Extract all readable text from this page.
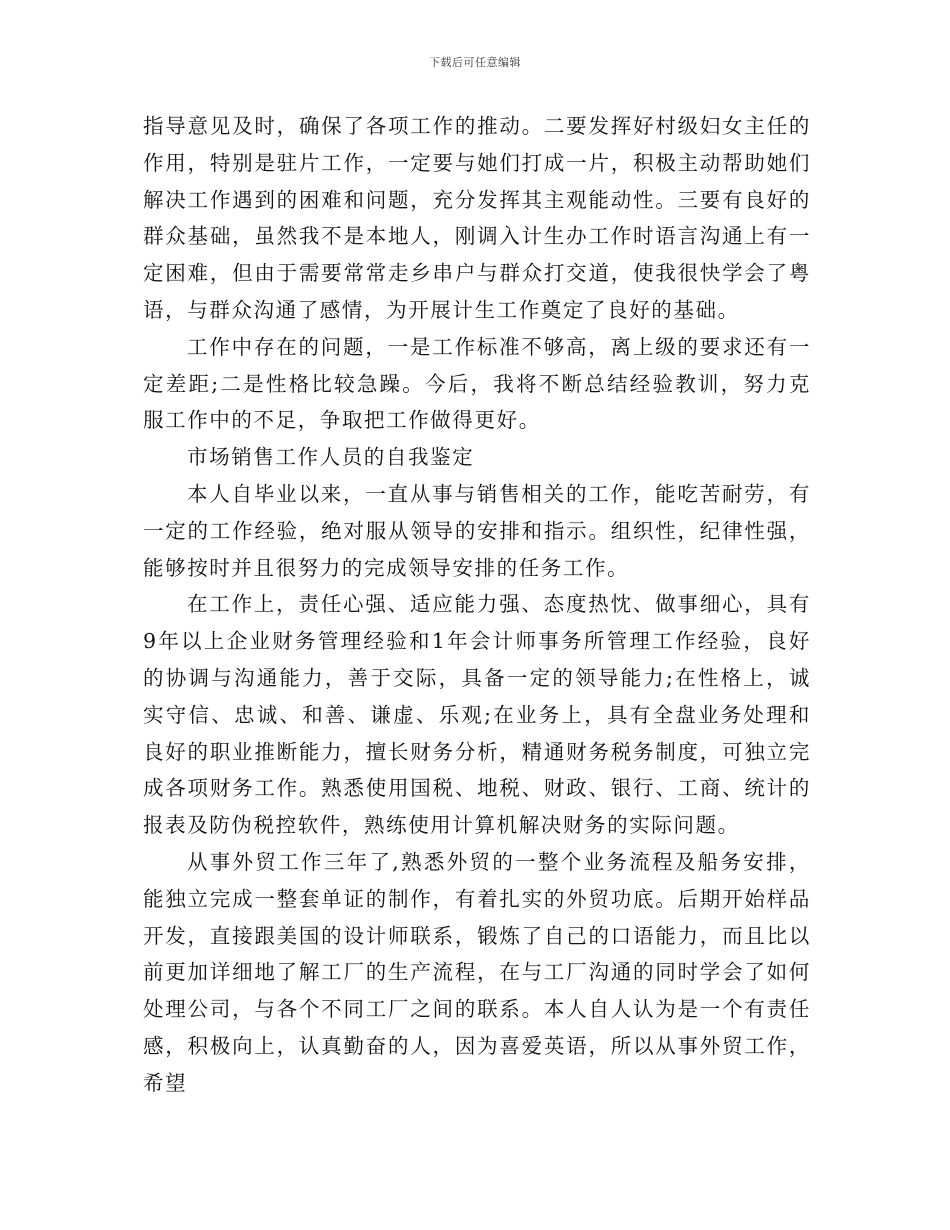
下载后可任意编辑

指导意见及时，确保了各项工作的推动。二要发挥好村级妇女主任的作用，特别是驻片工作，一定要与她们打成一片，积极主动帮助她们解决工作遇到的困难和问题，充分发挥其主观能动性。三要有良好的群众基础，虽然我不是本地人，刚调入计生办工作时语言沟通上有一定困难，但由于需要常常走乡串户与群众打交道，使我很快学会了粤语，与群众沟通了感情，为开展计生工作奠定了良好的基础。

工作中存在的问题，一是工作标准不够高，离上级的要求还有一定差距;二是性格比较急躁。今后，我将不断总结经验教训，努力克服工作中的不足，争取把工作做得更好。

市场销售工作人员的自我鉴定

本人自毕业以来，一直从事与销售相关的工作，能吃苦耐劳，有一定的工作经验，绝对服从领导的安排和指示。组织性，纪律性强，能够按时并且很努力的完成领导安排的任务工作。

在工作上，责任心强、适应能力强、态度热忱、做事细心，具有9年以上企业财务管理经验和1年会计师事务所管理工作经验，良好的协调与沟通能力，善于交际，具备一定的领导能力;在性格上，诚实守信、忠诚、和善、谦虚、乐观;在业务上，具有全盘业务处理和良好的职业推断能力，擅长财务分析，精通财务税务制度，可独立完成各项财务工作。熟悉使用国税、地税、财政、银行、工商、统计的报表及防伪税控软件，熟练使用计算机解决财务的实际问题。

从事外贸工作三年了,熟悉外贸的一整个业务流程及船务安排，能独立完成一整套单证的制作，有着扎实的外贸功底。后期开始样品开发，直接跟美国的设计师联系，锻炼了自己的口语能力，而且比以前更加详细地了解工厂的生产流程，在与工厂沟通的同时学会了如何处理公司，与各个不同工厂之间的联系。本人自人认为是一个有责任感，积极向上，认真勤奋的人，因为喜爱英语，所以从事外贸工作，希望
